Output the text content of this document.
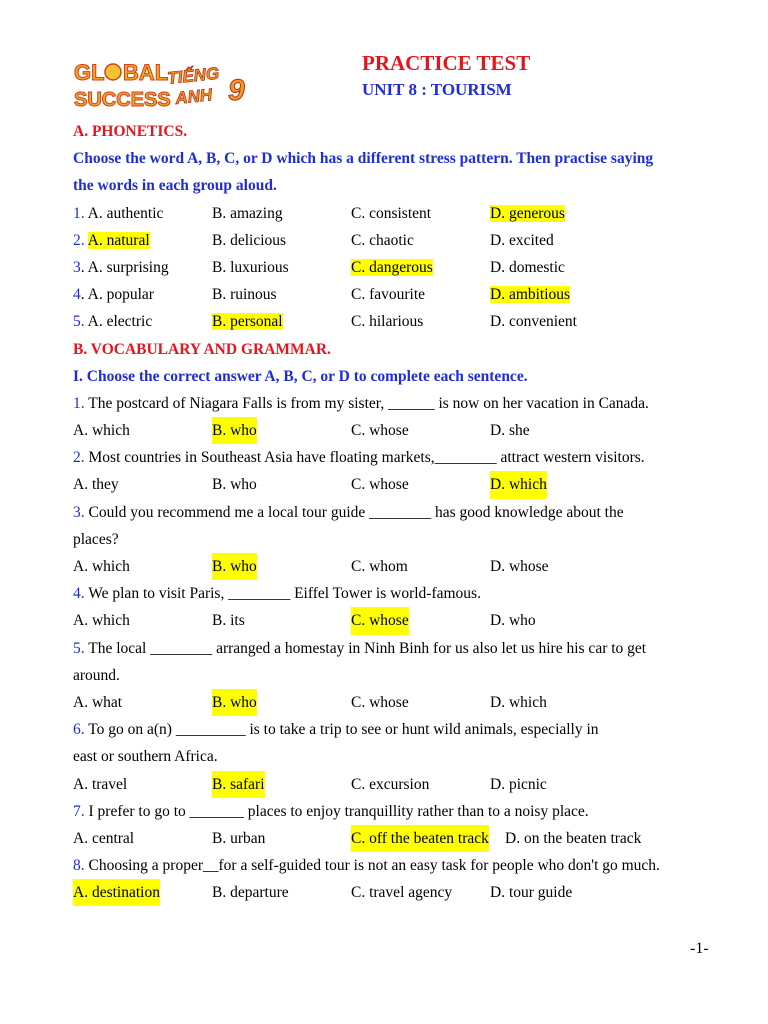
GL BAL
SUCCESS
TIẾNG
ANH 9
PRACTICE TEST
UNIT 8 : TOURISM
A. PHONETICS.
Choose the word A, B, C, or D which has a different stress pattern. Then practise saying
the words in each group aloud.
1. A. authentic	B. amazing	C. consistent	D. generous
2. A. natural	B. delicious	C. chaotic	D. excited
3. A. surprising	B. luxurious	C. dangerous	D. domestic
4. A. popular	B. ruinous	C. favourite	D. ambitious
5. A. electric	B. personal	C. hilarious	D. convenient
B. VOCABULARY AND GRAMMAR.
I. Choose the correct answer A, B, C, or D to complete each sentence.
1. The postcard of Niagara Falls is from my sister, ______ is now on her vacation in Canada.
A. which	B. who	C. whose	D. she
2. Most countries in Southeast Asia have floating markets,________ attract western visitors.
A. they	B. who	C. whose	D. which
3. Could you recommend me a local tour guide ________ has good knowledge about the
places?
A. which	B. who	C. whom	D. whose
4. We plan to visit Paris, ________ Eiffel Tower is world-famous.
A. which	B. its	C. whose	D. who
5. The local ________ arranged a homestay in Ninh Binh for us also let us hire his car to get
around.
A. what	B. who	C. whose	D. which
6. To go on a(n) _________ is to take a trip to see or hunt wild animals, especially in
east or southern Africa.
A. travel	B. safari	C. excursion	D. picnic
7. I prefer to go to _______ places to enjoy tranquillity rather than to a noisy place.
A. central	B. urban	C. off the beaten track D. on the beaten track
8. Choosing a proper__for a self-guided tour is not an easy task for people who don't go much.
A. destination	B. departure	C. travel agency D. tour guide
-1-
